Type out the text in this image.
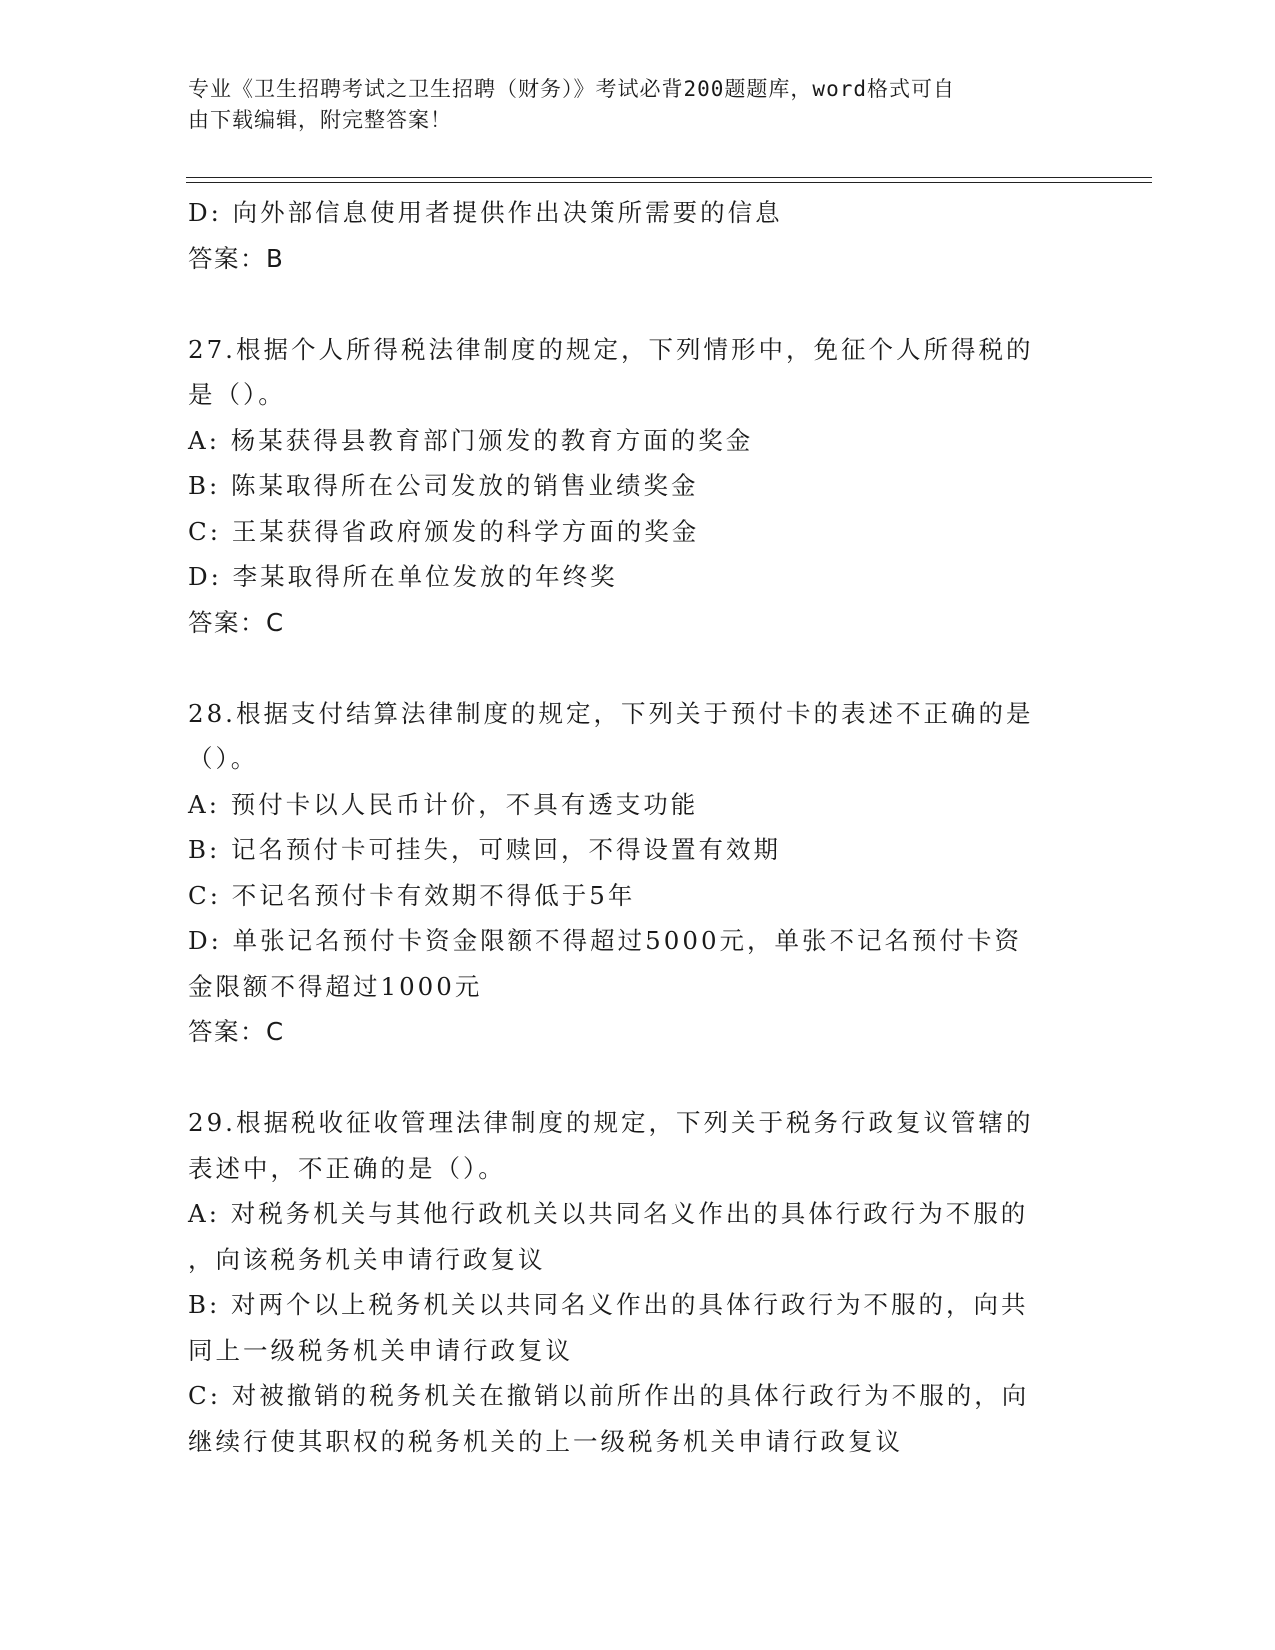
专业《卫生招聘考试之卫生招聘（财务）》考试必背200题题库，word格式可自
由下载编辑，附完整答案！
D: 向外部信息使用者提供作出决策所需要的信息
答案：B
27.根据个人所得税法律制度的规定，下列情形中，免征个人所得税的
是（）。
A: 杨某获得县教育部门颁发的教育方面的奖金
B: 陈某取得所在公司发放的销售业绩奖金
C: 王某获得省政府颁发的科学方面的奖金
D: 李某取得所在单位发放的年终奖
答案：C
28.根据支付结算法律制度的规定，下列关于预付卡的表述不正确的是
（）。
A: 预付卡以人民币计价，不具有透支功能
B: 记名预付卡可挂失，可赎回，不得设置有效期
C: 不记名预付卡有效期不得低于5年
D: 单张记名预付卡资金限额不得超过5000元，单张不记名预付卡资
金限额不得超过1000元
答案：C
29.根据税收征收管理法律制度的规定，下列关于税务行政复议管辖的
表述中，不正确的是（）。
A: 对税务机关与其他行政机关以共同名义作出的具体行政行为不服的
，向该税务机关申请行政复议
B: 对两个以上税务机关以共同名义作出的具体行政行为不服的，向共
同上一级税务机关申请行政复议
C: 对被撤销的税务机关在撤销以前所作出的具体行政行为不服的，向
继续行使其职权的税务机关的上一级税务机关申请行政复议
